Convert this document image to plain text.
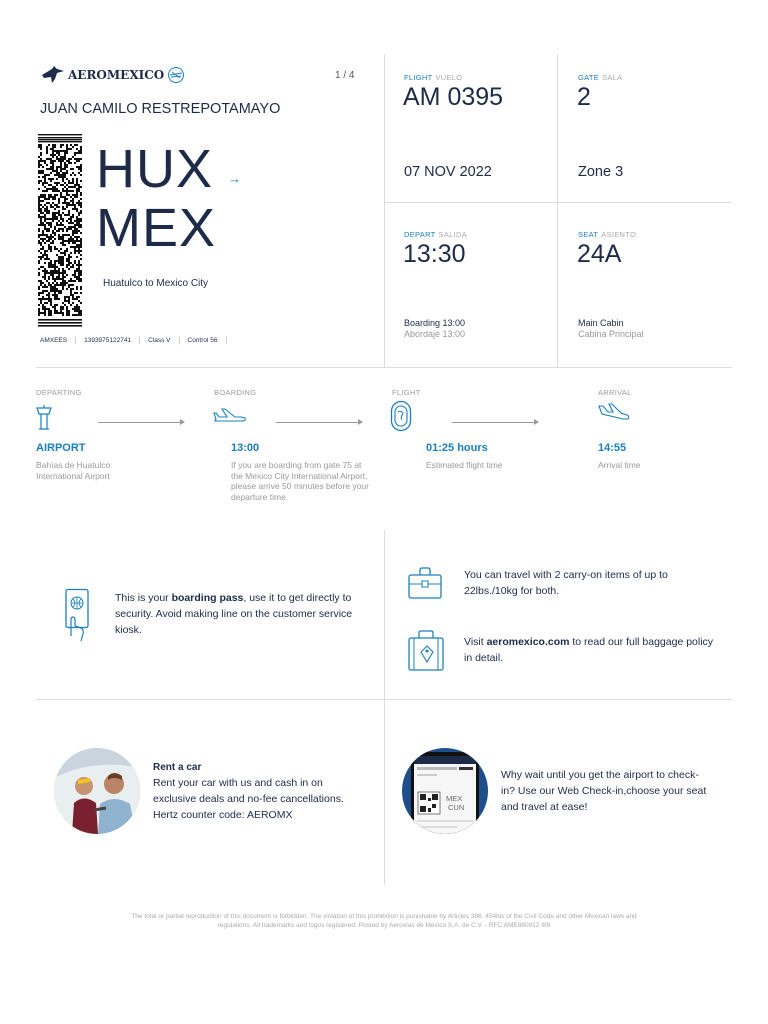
AEROMEXICO	1 / 4
JUAN CAMILO RESTREPOTAMAYO
HUX →
MEX
Huatulco to Mexico City
AMXEES	1393975122741	Class V	Control 56
FLIGHT VUELO
AM 0395
07 NOV 2022
GATE SALA
2
Zone 3
DEPART SALIDA
13:30
Boarding 13:00
Abordaje 13:00
SEAT ASIENTO
24A
Main Cabin
Cabina Principal
DEPARTING	BOARDING	FLIGHT	ARRIVAL
AIRPORT	13:00	01:25 hours	14:55
Bahías de Huatulco International Airport
If you are boarding from gate 75 at the Mexico City International Airport, please arrive 50 minutes before your departure time.
Estimated flight time	Arrival time
This is your boarding pass, use it to get directly to security. Avoid making line on the customer service kiosk.
You can travel with 2 carry-on items of up to 22lbs./10kg for both.
Visit aeromexico.com to read our full baggage policy in detail.
Rent a car
Rent your car with us and cash in on exclusive deals and no-fee cancellations. Hertz counter code: AEROMX
MEX
CUN
Why wait until you get the airport to check-in? Use our Web Check-in,choose your seat and travel at ease!
The total or partial reproduction of this document is forbidden. The violation of this prohibition is punishable by Articles 386, 454bis of the Civil Code and other Mexican laws and
regulations. All trademarks and logos registered. Posted by Aerovías de México S.A. de C.V. - RFC AME880912 I89
